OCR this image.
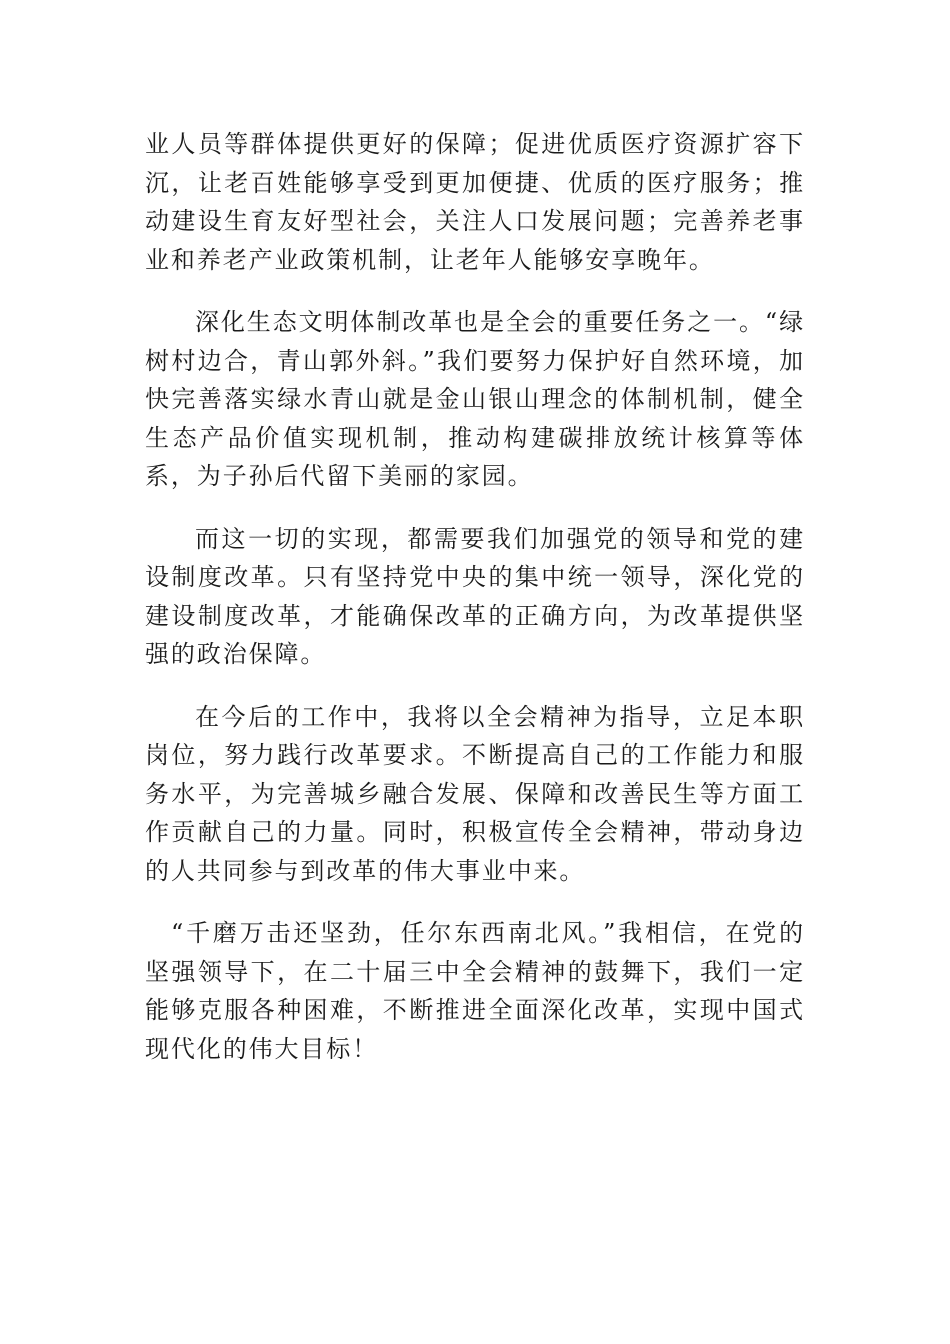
业人员等群体提供更好的保障；促进优质医疗资源扩容下沉，让老百姓能够享受到更加便捷、优质的医疗服务；推动建设生育友好型社会，关注人口发展问题；完善养老事业和养老产业政策机制，让老年人能够安享晚年。

深化生态文明体制改革也是全会的重要任务之一。“绿树村边合，青山郭外斜。”我们要努力保护好自然环境，加快完善落实绿水青山就是金山银山理念的体制机制，健全生态产品价值实现机制，推动构建碳排放统计核算等体系，为子孙后代留下美丽的家园。

而这一切的实现，都需要我们加强党的领导和党的建设制度改革。只有坚持党中央的集中统一领导，深化党的建设制度改革，才能确保改革的正确方向，为改革提供坚强的政治保障。

在今后的工作中，我将以全会精神为指导，立足本职岗位，努力践行改革要求。不断提高自己的工作能力和服务水平，为完善城乡融合发展、保障和改善民生等方面工作贡献自己的力量。同时，积极宣传全会精神，带动身边的人共同参与到改革的伟大事业中来。

“千磨万击还坚劲，任尔东西南北风。”我相信，在党的坚强领导下，在二十届三中全会精神的鼓舞下，我们一定能够克服各种困难，不断推进全面深化改革，实现中国式现代化的伟大目标！
